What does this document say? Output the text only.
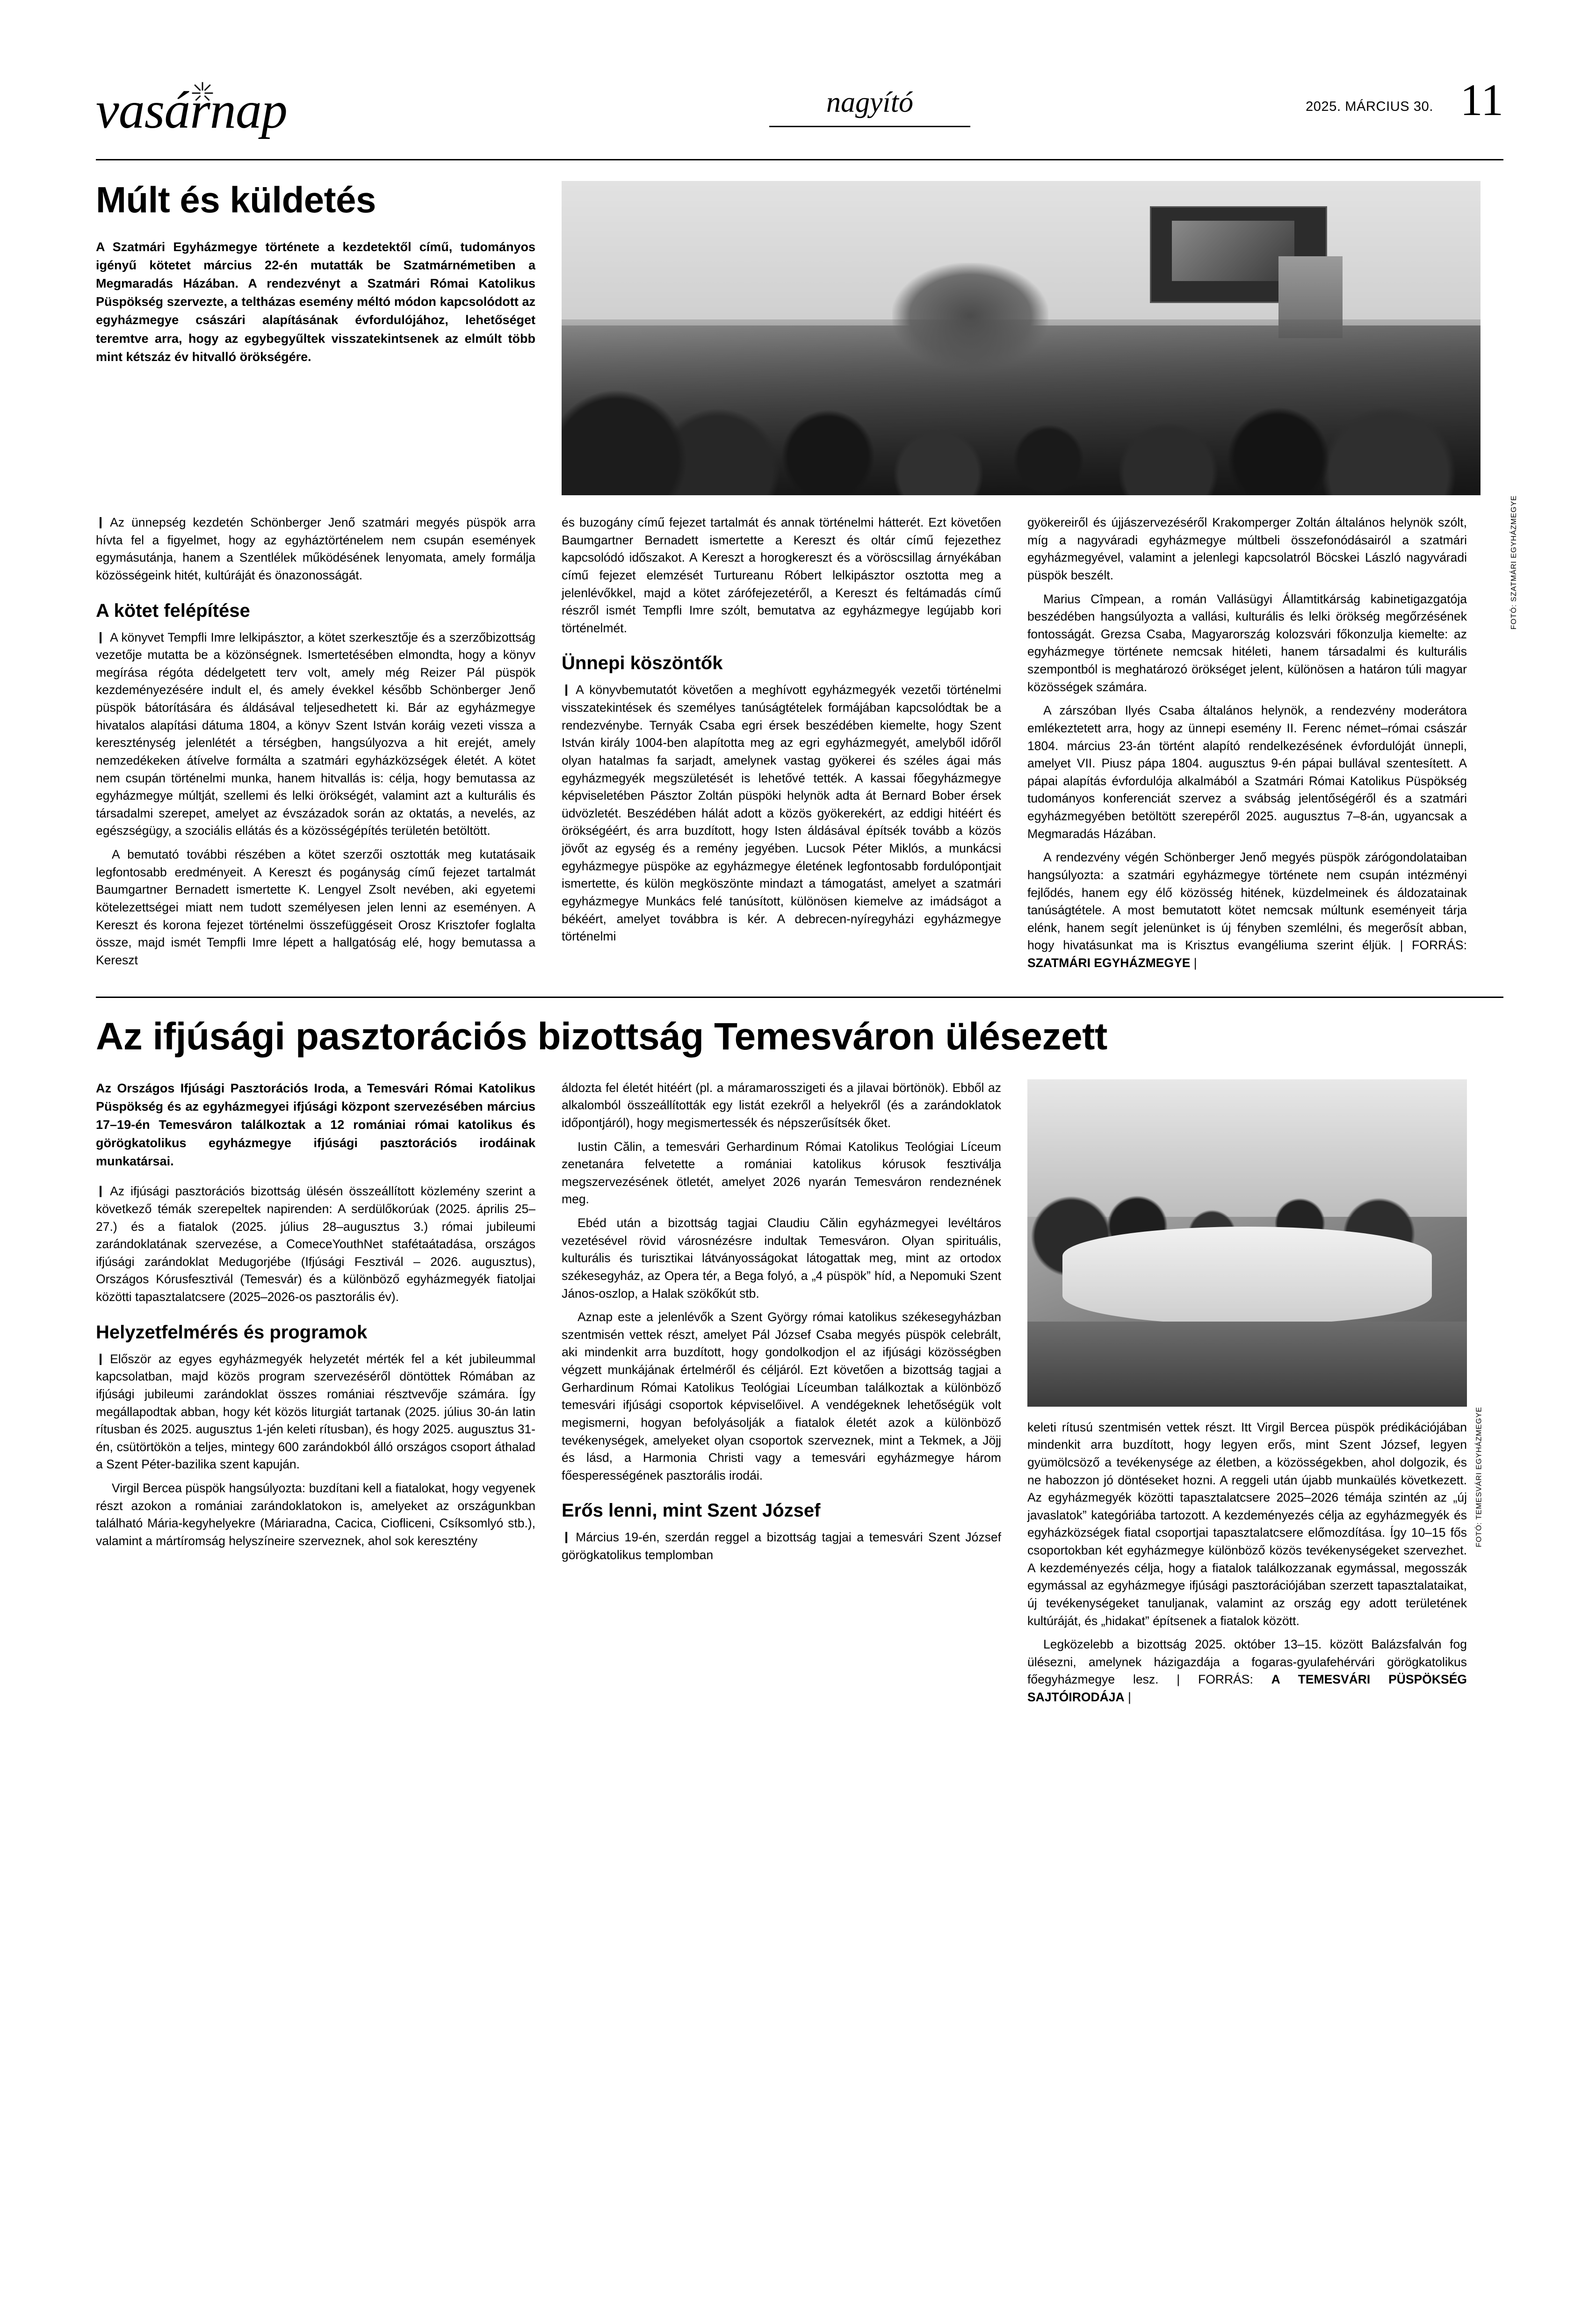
vasárnap	nagyító	2025. MÁRCIUS 30. 11
Múlt és küldetés

A Szatmári Egyházmegye története a kezdetektől című, tudományos igényű kötetet március 22-én mutatták be Szatmárnémetiben a Megmaradás Házában. A rendezvényt a Szatmári Római Katolikus Püspökség szervezte, a teltházas esemény méltó módon kapcsolódott az egyházmegye császári alapításának évfordulójához, lehetőséget teremtve arra, hogy az egybegyűltek visszatekintsenek az elmúlt több mint kétszáz év hitvalló örökségére.

FOTÓ: SZATMÁRI EGYHÁZMEGYE

❙ Az ünnepség kezdetén Schönberger Jenő szatmári megyés püspök arra hívta fel a figyelmet, hogy az egyháztörténelem nem csupán események egymásutánja, hanem a Szentlélek működésének lenyomata, amely formálja közösségeink hitét, kultúráját és önazonosságát.

A kötet felépítése

❙ A könyvet Tempfli Imre lelkipásztor, a kötet szerkesztője és a szerzőbizottság vezetője mutatta be a közönségnek. Ismertetésében elmondta, hogy a könyv megírása régóta dédelgetett terv volt, amely még Reizer Pál püspök kezdeményezésére indult el, és amely évekkel később Schönberger Jenő püspök bátorítására és áldásával teljesedhetett ki. Bár az egyházmegye hivatalos alapítási dátuma 1804, a könyv Szent István koráig vezeti vissza a kereszténység jelenlétét a térségben, hangsúlyozva a hit erejét, amely nemzedékeken átívelve formálta a szatmári egyházközségek életét. A kötet nem csupán történelmi munka, hanem hitvallás is: célja, hogy bemutassa az egyházmegye múltját, szellemi és lelki örökségét, valamint azt a kulturális és társadalmi szerepet, amelyet az évszázadok során az oktatás, a nevelés, az egészségügy, a szociális ellátás és a közösségépítés területén betöltött.

A bemutató további részében a kötet szerzői osztották meg kutatásaik legfontosabb eredményeit. A Kereszt és pogányság című fejezet tartalmát Baumgartner Bernadett ismertette K. Lengyel Zsolt nevében, aki egyetemi kötelezettségei miatt nem tudott személyesen jelen lenni az eseményen. A Kereszt és korona fejezet történelmi összefüggéseit Orosz Krisztofer foglalta össze, majd ismét Tempfli Imre lépett a hallgatóság elé, hogy bemutassa a Kereszt

és buzogány című fejezet tartalmát és annak történelmi hátterét. Ezt követően Baumgartner Bernadett ismertette a Kereszt és oltár című fejezethez kapcsolódó időszakot. A Kereszt a horogkereszt és a vöröscsillag árnyékában című fejezet elemzését Turtureanu Róbert lelkipásztor osztotta meg a jelenlévőkkel, majd a kötet zárófejezetéről, a Kereszt és feltámadás című részről ismét Tempfli Imre szólt, bemutatva az egyházmegye legújabb kori történelmét.

Ünnepi köszöntők

❙ A könyvbemutatót követően a meghívott egyházmegyék vezetői történelmi visszatekintések és személyes tanúságtételek formájában kapcsolódtak be a rendezvénybe. Ternyák Csaba egri érsek beszédében kiemelte, hogy Szent István király 1004-ben alapította meg az egri egyházmegyét, amelyből időről olyan hatalmas fa sarjadt, amelynek vastag gyökerei és széles ágai más egyházmegyék megszületését is lehetővé tették. A kassai főegyházmegye képviseletében Pásztor Zoltán püspöki helynök adta át Bernard Bober érsek üdvözletét. Beszédében hálát adott a közös gyökerekért, az eddigi hitéért és örökségéért, és arra buzdított, hogy Isten áldásával építsék tovább a közös jövőt az egység és a remény jegyében. Lucsok Péter Miklós, a munkácsi egyházmegye püspöke az egyházmegye életének legfontosabb fordulópontjait ismertette, és külön megköszönte mindazt a támogatást, amelyet a szatmári egyházmegye Munkács felé tanúsított, különösen kiemelve az imádságot a békéért, amelyet továbbra is kér. A debrecen-nyíregyházi egyházmegye történelmi

gyökereiről és újjászervezéséről Krakomperger Zoltán általános helynök szólt, míg a nagyváradi egyházmegye múltbeli összefonódásairól a szatmári egyházmegyével, valamint a jelenlegi kapcsolatról Böcskei László nagyváradi püspök beszélt.

Marius Cîmpean, a román Vallásügyi Államtitkárság kabinetigazgatója beszédében hangsúlyozta a vallási, kulturális és lelki örökség megőrzésének fontosságát. Grezsa Csaba, Magyarország kolozsvári főkonzulja kiemelte: az egyházmegye története nemcsak hitéleti, hanem társadalmi és kulturális szempontból is meghatározó örökséget jelent, különösen a határon túli magyar közösségek számára.

A zárszóban Ilyés Csaba általános helynök, a rendezvény moderátora emlékeztetett arra, hogy az ünnepi esemény II. Ferenc német–római császár 1804. március 23-án történt alapító rendelkezésének évfordulóját ünnepli, amelyet VII. Piusz pápa 1804. augusztus 9-én pápai bullával szentesített. A pápai alapítás évfordulója alkalmából a Szatmári Római Katolikus Püspökség tudományos konferenciát szervez a svábság jelentőségéről és a szatmári egyházmegyében betöltött szerepéről 2025. augusztus 7–8-án, ugyancsak a Megmaradás Házában.

A rendezvény végén Schönberger Jenő megyés püspök zárógondolataiban hangsúlyozta: a szatmári egyházmegye története nem csupán intézményi fejlődés, hanem egy élő közösség hitének, küzdelmeinek és áldozatainak tanúságtétele. A most bemutatott kötet nemcsak múltunk eseményeit tárja elénk, hanem segít jelenünket is új fényben szemlélni, és megerősít abban, hogy hivatásunkat ma is Krisztus evangéliuma szerint éljük. | FORRÁS: SZATMÁRI EGYHÁZMEGYE |

Az ifjúsági pasztorációs bizottság Temesváron ülésezett

Az Országos Ifjúsági Pasztorációs Iroda, a Temesvári Római Katolikus Püspökség és az egyházmegyei ifjúsági központ szervezésében március 17–19-én Temesváron találkoztak a 12 romániai római katolikus és görögkatolikus egyházmegye ifjúsági pasztorációs irodáinak munkatársai.

❙ Az ifjúsági pasztorációs bizottság ülésén összeállított közlemény szerint a következő témák szerepeltek napirenden: A serdülőkorúak (2025. április 25–27.) és a fiatalok (2025. július 28–augusztus 3.) római jubileumi zarándoklatának szervezése, a ComeceYouthNet stafétaátadása, országos ifjúsági zarándoklat Medugorjébe (Ifjúsági Fesztivál – 2026. augusztus), Országos Kórusfesztivál (Temesvár) és a különböző egyházmegyék fiatoljai közötti tapasztalatcsere (2025–2026-os pasztorális év).

Helyzetfelmérés és programok

❙ Először az egyes egyházmegyék helyzetét mérték fel a két jubileummal kapcsolatban, majd közös program szervezéséről döntöttek Rómában az ifjúsági jubileumi zarándoklat összes romániai résztvevője számára. Így megállapodtak abban, hogy két közös liturgiát tartanak (2025. július 30-án latin rítusban és 2025. augusztus 1-jén keleti rítusban), és hogy 2025. augusztus 31-én, csütörtökön a teljes, mintegy 600 zarándokból álló országos csoport áthalad a Szent Péter-bazilika szent kapuján.

Virgil Bercea püspök hangsúlyozta: buzdítani kell a fiatalokat, hogy vegyenek részt azokon a romániai zarándoklatokon is, amelyeket az országunkban található Mária-kegyhelyekre (Máriaradna, Cacica, Ciofliceni, Csíksomlyó stb.), valamint a mártíromság helyszíneire szerveznek, ahol sok keresztény

áldozta fel életét hitéért (pl. a máramarosszigeti és a jilavai börtönök). Ebből az alkalomból összeállították egy listát ezekről a helyekről (és a zarándoklatok időpontjáról), hogy megismertessék és népszerűsítsék őket.

Iustin Călin, a temesvári Gerhardinum Római Katolikus Teológiai Líceum zenetanára felvetette a romániai katolikus kórusok fesztiválja megszervezésének ötletét, amelyet 2026 nyarán Temesváron rendeznének meg.

Ebéd után a bizottság tagjai Claudiu Călin egyházmegyei levéltáros vezetésével rövid városnézésre indultak Temesváron. Olyan spirituális, kulturális és turisztikai látványosságokat látogattak meg, mint az ortodox székesegyház, az Opera tér, a Bega folyó, a „4 püspök” híd, a Nepomuki Szent János-oszlop, a Halak szökőkút stb.

Aznap este a jelenlévők a Szent György római katolikus székesegyházban szentmisén vettek részt, amelyet Pál József Csaba megyés püspök celebrált, aki mindenkit arra buzdított, hogy gondolkodjon el az ifjúsági közösségben végzett munkájának értelméről és céljáról. Ezt követően a bizottság tagjai a Gerhardinum Római Katolikus Teológiai Líceumban találkoztak a különböző temesvári ifjúsági csoportok képviselőivel. A vendégeknek lehetőségük volt megismerni, hogyan befolyásolják a fiatalok életét azok a különböző tevékenységek, amelyeket olyan csoportok szerveznek, mint a Tekmek, a Jöjj és lásd, a Harmonia Christi vagy a temesvári egyházmegye három főesperességének pasztorális irodái.

Erős lenni, mint Szent József

❙ Március 19-én, szerdán reggel a bizottság tagjai a temesvári Szent József görögkatolikus templomban

FOTÓ: TEMESVÁRI EGYHÁZMEGYE

keleti rítusú szentmisén vettek részt. Itt Virgil Bercea püspök prédikációjában mindenkit arra buzdított, hogy legyen erős, mint Szent József, legyen gyümölcsöző a tevékenysége az életben, a közösségekben, ahol dolgozik, és ne habozzon jó döntéseket hozni. A reggeli után újabb munkaülés következett. Az egyházmegyék közötti tapasztalatcsere 2025–2026 témája szintén az „új javaslatok” kategóriába tartozott. A kezdeményezés célja az egyházmegyék és egyházközségek fiatal csoportjai tapasztalatcsere előmozdítása. Így 10–15 fős csoportokban két egyházmegye különböző közös tevékenységeket szervezhet. A kezdeményezés célja, hogy a fiatalok találkozzanak egymással, megosszák egymással az egyházmegye ifjúsági pasztorációjában szerzett tapasztalataikat, új tevékenységeket tanuljanak, valamint az ország egy adott területének kultúráját, és „hidakat” építsenek a fiatalok között.

Legközelebb a bizottság 2025. október 13–15. között Balázsfalván fog ülésezni, amelynek házigazdája a fogaras-gyulafehérvári görögkatolikus főegyházmegye lesz. | FORRÁS: A TEMESVÁRI PÜSPÖKSÉG SAJTÓIRODÁJA |
